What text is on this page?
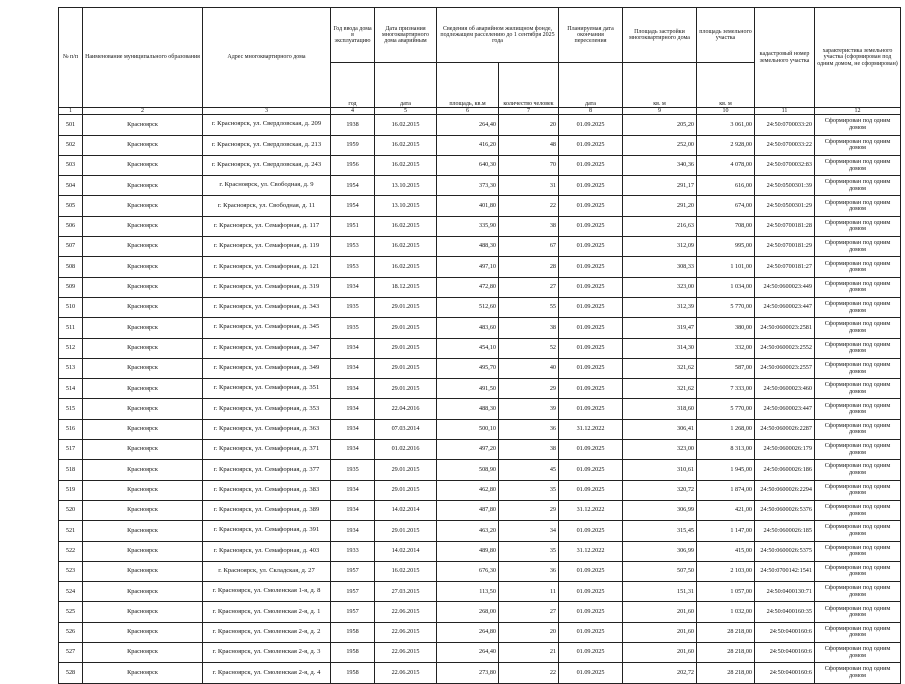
№ п/п	Наименование муниципального образования	Адрес многоквартирного дома	Год ввода дома в эксплуатацию	Дата признания многоквартирного дома аварийным	Сведения об аварийном жилищном фонде, подлежащем расселению до 1 сентября 2025 года		Планируемая дата окончания переселения	Площадь застройки многоквартирного дома	площадь земельного участка	кадастровый номер земельного участка	характеристика земельного участка (сформирован под одним домом, не сформирован)
			год	дата	площадь, кв.м	количество человек	дата	кв. м	кв. м		
1	2	3	4	5	6	7	8	9	10	11	12
501	Красноярск	г. Красноярск, ул. Свердловская, д. 209	1938	16.02.2015	264,40	20	01.09.2025	205,20	3 061,00	24:50:0700033:20	Сформирован под одним домом
502	Красноярск	г. Красноярск, ул. Свердловская, д. 213	1959	16.02.2015	416,20	48	01.09.2025	252,00	2 928,00	24:50:0700033:22	Сформирован под одним домом
503	Красноярск	г. Красноярск, ул. Свердловская, д. 243	1956	16.02.2015	640,30	70	01.09.2025	340,36	4 078,00	24:50:0700032:83	Сформирован под одним домом
504	Красноярск	г. Красноярск, ул. Свободная, д. 9	1954	13.10.2015	373,30	31	01.09.2025	291,17	616,00	24:50:0500301:39	Сформирован под одним домом
505	Красноярск	г. Красноярск, ул. Свободная, д. 11	1954	13.10.2015	401,80	22	01.09.2025	291,20	674,00	24:50:0500301:29	Сформирован под одним домом
506	Красноярск	г. Красноярск, ул. Семафорная, д. 117	1951	16.02.2015	335,90	38	01.09.2025	216,63	708,00	24:50:0700181:28	Сформирован под одним домом
507	Красноярск	г. Красноярск, ул. Семафорная, д. 119	1953	16.02.2015	488,30	67	01.09.2025	312,09	995,00	24:50:0700181:29	Сформирован под одним домом
508	Красноярск	г. Красноярск, ул. Семафорная, д. 121	1953	16.02.2015	497,10	28	01.09.2025	308,33	1 101,00	24:50:0700181:27	Сформирован под одним домом
509	Красноярск	г. Красноярск, ул. Семафорная, д. 319	1934	18.12.2015	472,80	27	01.09.2025	323,00	1 034,00	24:50:0600023:449	Сформирован под одним домом
510	Красноярск	г. Красноярск, ул. Семафорная, д. 343	1935	29.01.2015	512,60	55	01.09.2025	312,39	5 770,00	24:50:0600023:447	Сформирован под одним домом
511	Красноярск	г. Красноярск, ул. Семафорная, д. 345	1935	29.01.2015	483,60	38	01.09.2025	319,47	380,00	24:50:0600023:2581	Сформирован под одним домом
512	Красноярск	г. Красноярск, ул. Семафорная, д. 347	1934	29.01.2015	454,10	52	01.09.2025	314,30	332,00	24:50:0600023:2552	Сформирован под одним домом
513	Красноярск	г. Красноярск, ул. Семафорная, д. 349	1934	29.01.2015	495,70	40	01.09.2025	321,62	587,00	24:50:0600023:2557	Сформирован под одним домом
514	Красноярск	г. Красноярск, ул. Семафорная, д. 351	1934	29.01.2015	491,50	29	01.09.2025	321,62	7 333,00	24:50:0600023:460	Сформирован под одним домом
515	Красноярск	г. Красноярск, ул. Семафорная, д. 353	1934	22.04.2016	488,30	39	01.09.2025	318,60	5 770,00	24:50:0600023:447	Сформирован под одним домом
516	Красноярск	г. Красноярск, ул. Семафорная, д. 363	1934	07.03.2014	500,10	36	31.12.2022	306,41	1 268,00	24:50:0600026:2287	Сформирован под одним домом
517	Красноярск	г. Красноярск, ул. Семафорная, д. 371	1934	01.02.2016	497,20	38	01.09.2025	323,00	8 313,00	24:50:0600026:179	Сформирован под одним домом
518	Красноярск	г. Красноярск, ул. Семафорная, д. 377	1935	29.01.2015	508,90	45	01.09.2025	310,61	1 945,00	24:50:0600026:186	Сформирован под одним домом
519	Красноярск	г. Красноярск, ул. Семафорная, д. 383	1934	29.01.2015	462,80	35	01.09.2025	320,72	1 874,00	24:50:0600026:2294	Сформирован под одним домом
520	Красноярск	г. Красноярск, ул. Семафорная, д. 389	1934	14.02.2014	487,80	29	31.12.2022	306,99	421,00	24:50:0600026:5376	Сформирован под одним домом
521	Красноярск	г. Красноярск, ул. Семафорная, д. 391	1934	29.01.2015	463,20	34	01.09.2025	315,45	1 147,00	24:50:0600026:185	Сформирован под одним домом
522	Красноярск	г. Красноярск, ул. Семафорная, д. 403	1933	14.02.2014	489,80	35	31.12.2022	306,99	415,00	24:50:0600026:5375	Сформирован под одним домом
523	Красноярск	г. Красноярск, ул. Складская, д. 27	1957	16.02.2015	676,30	36	01.09.2025	507,50	2 103,00	24:50:0700142:1541	Сформирован под одним домом
524	Красноярск	г. Красноярск, ул. Смоленская 1-я, д. 8	1957	27.03.2015	113,50	11	01.09.2025	151,31	1 057,00	24:50:0400130:71	Сформирован под одним домом
525	Красноярск	г. Красноярск, ул. Смоленская 2-я, д. 1	1957	22.06.2015	268,00	27	01.09.2025	201,60	1 032,00	24:50:0400160:35	Сформирован под одним домом
526	Красноярск	г. Красноярск, ул. Смоленская 2-я, д. 2	1958	22.06.2015	264,80	20	01.09.2025	201,60	28 218,00	24:50:0400160:6	Сформирован под одним домом
527	Красноярск	г. Красноярск, ул. Смоленская 2-я, д. 3	1958	22.06.2015	264,40	21	01.09.2025	201,60	28 218,00	24:50:0400160:6	Сформирован под одним домом
528	Красноярск	г. Красноярск, ул. Смоленская 2-я, д. 4	1958	22.06.2015	273,80	22	01.09.2025	202,72	28 218,00	24:50:0400160:6	Сформирован под одним домом
